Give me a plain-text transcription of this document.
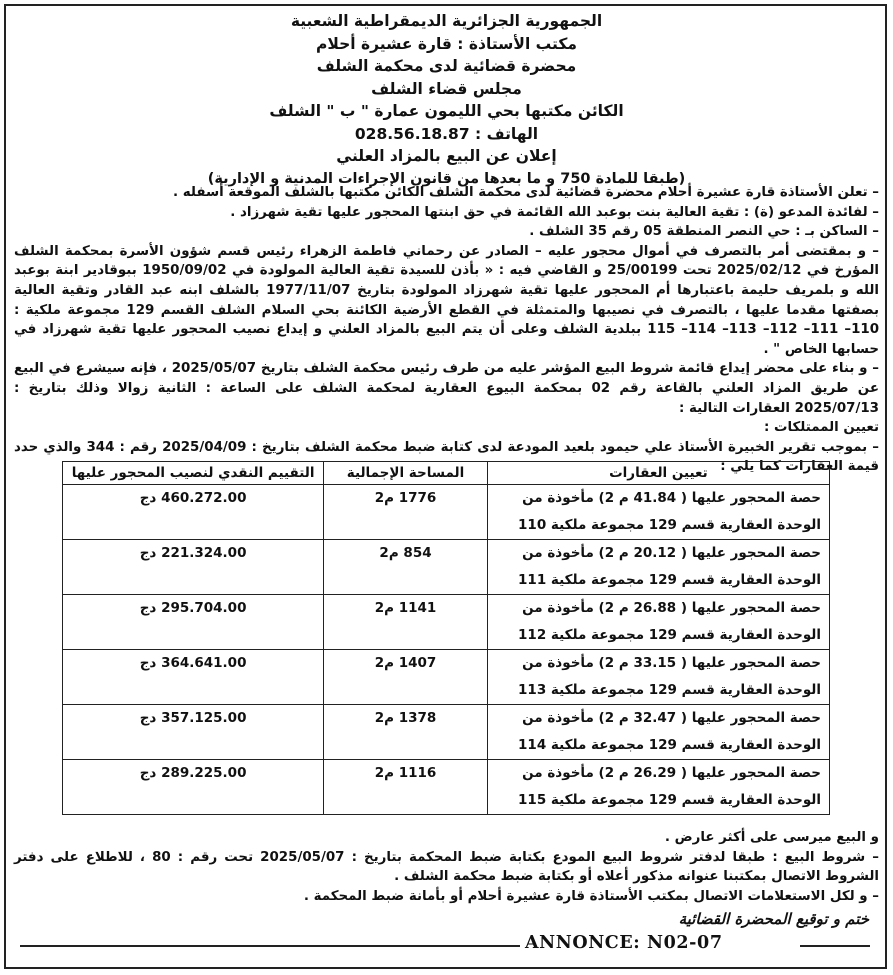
الجمهورية الجزائرية الديمقراطية الشعبية
مكتب الأستاذة : قارة عشيرة أحلام
محضرة قضائية لدى محكمة الشلف
مجلس قضاء الشلف
الكائن مكتبها بحي الليمون عمارة " ب " الشلف
الهاتف : 028.56.18.87
إعلان عن البيع بالمزاد العلني
(طبقا للمادة 750 و ما بعدها من قانون الإجراءات المدنية و الإدارية)

– تعلن الأستاذة قارة عشيرة أحلام محضرة قضائية لدى محكمة الشلف الكائن مكتبها بالشلف الموقعة أسفله .

– لفائدة المدعو (ة) : تقية العالية بنت بوعبد الله القائمة في حق ابنتها المحجور عليها تقية شهرزاد .

– الساكن بـ : حي النصر المنطقة 05 رقم 35 الشلف .

– و بمقتضى أمر بالتصرف في أموال محجور عليه – الصادر عن رحماني فاطمة الزهراء رئيس قسم شؤون الأسرة بمحكمة الشلف المؤرخ في 2025/02/12 تحت 25/00199 و القاضي فيه : « بأذن للسيدة تقية العالية المولودة في 1950/09/02 ببوقادير ابنة بوعبد الله و بلمريف حليمة باعتبارها أم المحجور عليها تقية شهرزاد المولودة بتاريخ 1977/11/07 بالشلف ابنه عبد القادر وتقية العالية بصفتها مقدما عليها ، بالتصرف في نصيبها والمتمثلة في القطع الأرضية الكائنة بحي السلام الشلف القسم 129 مجموعة ملكية : 110– 111– 112– 113– 114– 115 ببلدية الشلف وعلى أن يتم البيع بالمزاد العلني و إيداع نصيب المحجور عليها تقية شهرزاد في حسابها الخاص " .

– و بناء على محضر إيداع قائمة شروط البيع المؤشر عليه من طرف رئيس محكمة الشلف بتاريخ 2025/05/07 ، فإنه سيشرع في البيع عن طريق المزاد العلني بالقاعة رقم 02 بمحكمة البيوع العقارية لمحكمة الشلف على الساعة : الثانية زوالا وذلك بتاريخ : 2025/07/13 العقارات التالية :

تعيين الممتلكات :

– بموجب تقرير الخبيرة الأستاذ علي حيمود بلعيد المودعة لدى كتابة ضبط محكمة الشلف بتاريخ : 2025/04/09 رقم : 344 والذي حدد قيمة العقارات كما يلي :

تعيين العقارات	المساحة الإجمالية	التقييم النقدي لنصيب المحجور عليها
حصة المحجور عليها ( 41.84 م 2) مأخوذة من الوحدة العقارية قسم 129 مجموعة ملكية 110	1776 م2	460.272.00 دج
حصة المحجور عليها ( 20.12 م 2) مأخوذة من الوحدة العقارية قسم 129 مجموعة ملكية 111	854 م2	221.324.00 دج
حصة المحجور عليها ( 26.88 م 2) مأخوذة من الوحدة العقارية قسم 129 مجموعة ملكية 112	1141 م2	295.704.00 دج
حصة المحجور عليها ( 33.15 م 2) مأخوذة من الوحدة العقارية قسم 129 مجموعة ملكية 113	1407 م2	364.641.00 دج
حصة المحجور عليها ( 32.47 م 2) مأخوذة من الوحدة العقارية قسم 129 مجموعة ملكية 114	1378 م2	357.125.00 دج
حصة المحجور عليها ( 26.29 م 2) مأخوذة من الوحدة العقارية قسم 129 مجموعة ملكية 115	1116 م2	289.225.00 دج

و البيع ميرسى على أكثر عارض .

– شروط البيع : طبقا لدفتر شروط البيع المودع بكتابة ضبط المحكمة بتاريخ : 2025/05/07 تحت رقم : 80 ، للاطلاع على دفتر الشروط الاتصال بمكتبنا عنوانه مذكور أعلاه أو بكتابة ضبط محكمة الشلف .

– و لكل الاستعلامات الاتصال بمكتب الأستاذة قارة عشيرة أحلام أو بأمانة ضبط المحكمة .

ختم و توقيع المحضرة القضائية
ANNONCE: N02-07
